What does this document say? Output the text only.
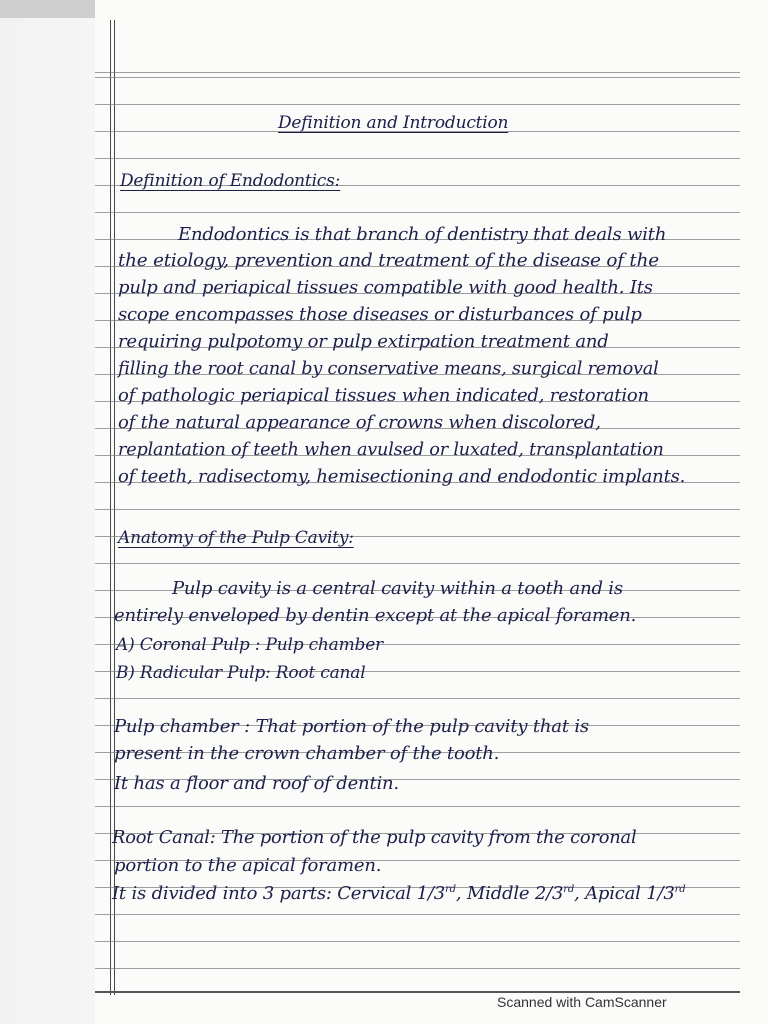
Definition and Introduction
Definition of Endodontics:
Endodontics is that branch of dentistry that deals with
the etiology, prevention and treatment of the disease of the
pulp and periapical tissues compatible with good health. Its
scope encompasses those diseases or disturbances of pulp
requiring pulpotomy or pulp extirpation treatment and
filling the root canal by conservative means, surgical removal
of pathologic periapical tissues when indicated, restoration
of the natural appearance of crowns when discolored,
replantation of teeth when avulsed or luxated, transplantation
of teeth, radisectomy, hemisectioning and endodontic implants.
Anatomy of the Pulp Cavity:
Pulp cavity is a central cavity within a tooth and is
entirely enveloped by dentin except at the apical foramen.
A) Coronal Pulp : Pulp chamber
B) Radicular Pulp: Root canal
Pulp chamber : That portion of the pulp cavity that is
present in the crown chamber of the tooth.
It has a floor and roof of dentin.
Root Canal: The portion of the pulp cavity from the coronal
portion to the apical foramen.
It is divided into 3 parts: Cervical 1/3rd, Middle 2/3rd, Apical 1/3rd
Scanned with CamScanner
